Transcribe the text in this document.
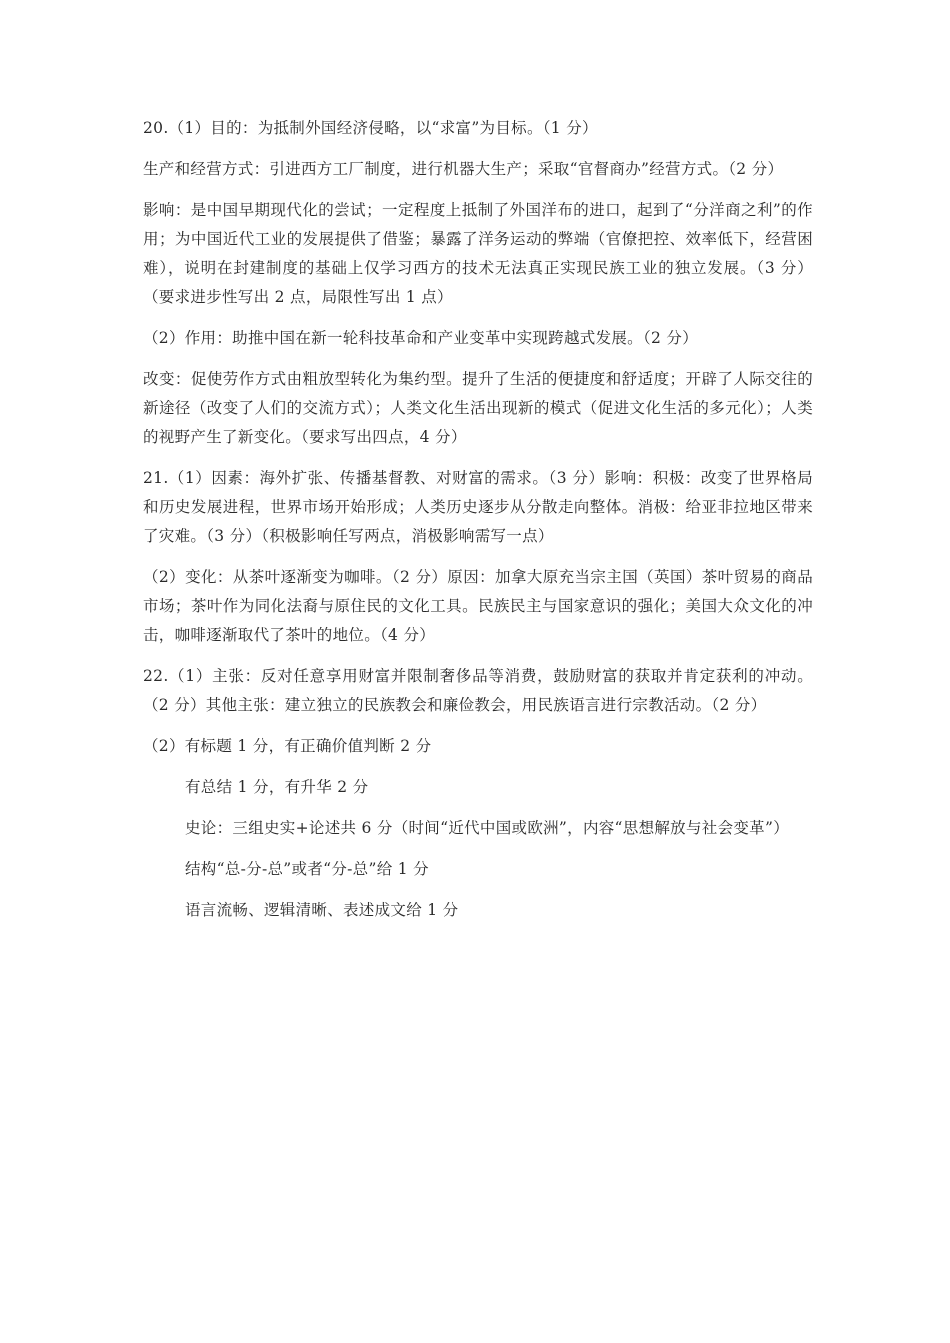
20.（1）目的：为抵制外国经济侵略，以“求富”为目标。（1 分）

生产和经营方式：引进西方工厂制度，进行机器大生产；采取“官督商办”经营方式。（2 分）

影响：是中国早期现代化的尝试；一定程度上抵制了外国洋布的进口，起到了“分洋商之利”的作用；为中国近代工业的发展提供了借鉴；暴露了洋务运动的弊端（官僚把控、效率低下，经营困难），说明在封建制度的基础上仅学习西方的技术无法真正实现民族工业的独立发展。（3 分）（要求进步性写出 2 点，局限性写出 1 点）

（2）作用：助推中国在新一轮科技革命和产业变革中实现跨越式发展。（2 分）

改变：促使劳作方式由粗放型转化为集约型。提升了生活的便捷度和舒适度；开辟了人际交往的新途径（改变了人们的交流方式）；人类文化生活出现新的模式（促进文化生活的多元化）；人类的视野产生了新变化。（要求写出四点，4 分）

21.（1）因素：海外扩张、传播基督教、对财富的需求。（3 分）影响：积极：改变了世界格局和历史发展进程，世界市场开始形成；人类历史逐步从分散走向整体。消极：给亚非拉地区带来了灾难。（3 分）（积极影响任写两点，消极影响需写一点）

（2）变化：从茶叶逐渐变为咖啡。（2 分）原因：加拿大原充当宗主国（英国）茶叶贸易的商品市场；茶叶作为同化法裔与原住民的文化工具。民族民主与国家意识的强化；美国大众文化的冲击，咖啡逐渐取代了茶叶的地位。（4 分）

22.（1）主张：反对任意享用财富并限制奢侈品等消费，鼓励财富的获取并肯定获利的冲动。（2 分）其他主张：建立独立的民族教会和廉俭教会，用民族语言进行宗教活动。（2 分）

（2）有标题 1 分，有正确价值判断 2 分

有总结 1 分，有升华 2 分

史论：三组史实+论述共 6 分（时间“近代中国或欧洲”，内容“思想解放与社会变革”）

结构“总-分-总”或者“分-总”给 1 分

语言流畅、逻辑清晰、表述成文给 1 分
